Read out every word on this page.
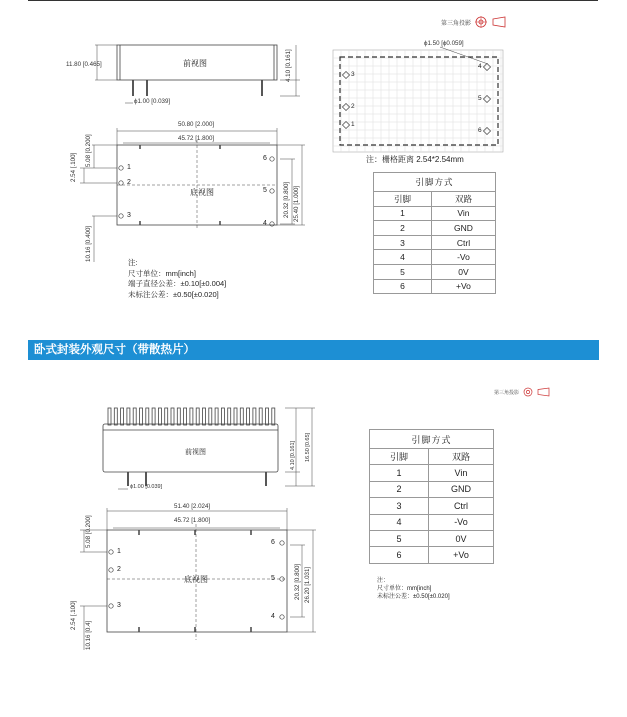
第三角投影
前视图
11.80 [0.465]	4.10 [0.161]
ϕ1.00 [0.039]
50.80 [2.000]
45.72 [1.800]
底视图
5.08 [0.200]
2.54 [.100]
10.16 [0.400]
20.32 [0.800] 25.40 [1.000]
1
2
3
6
5
4
注:
尺寸单位：mm[inch]
端子直径公差：±0.10[±0.004]
未标注公差：±0.50[±0.020]
ϕ1.50 [ϕ0.059]
3
2
1
4
5
6
注：栅格距离 2.54*2.54mm
引脚方式	
引脚	双路
1	Vin
2	GND
3	Ctrl
4	-Vo
5	0V
6	+Vo
卧式封装外观尺寸（带散热片）
第三角投影
前视图	4.10 [0.161] 16.50 [0.65]
ϕ1.00 [0.039]
51.40 [2.024]
45.72 [1.800]
底视图
5.08 [0.200]
2.54 [.100]
10.16 [0.4]
20.32 [0.800] 26.20 [1.031]
1
2
3
6
5
4
引脚方式	
引脚	双路
1	Vin
2	GND
3	Ctrl
4	-Vo
5	0V
6	+Vo
注：
尺寸单位：mm[inch]
未标注公差：±0.50[±0.020]
